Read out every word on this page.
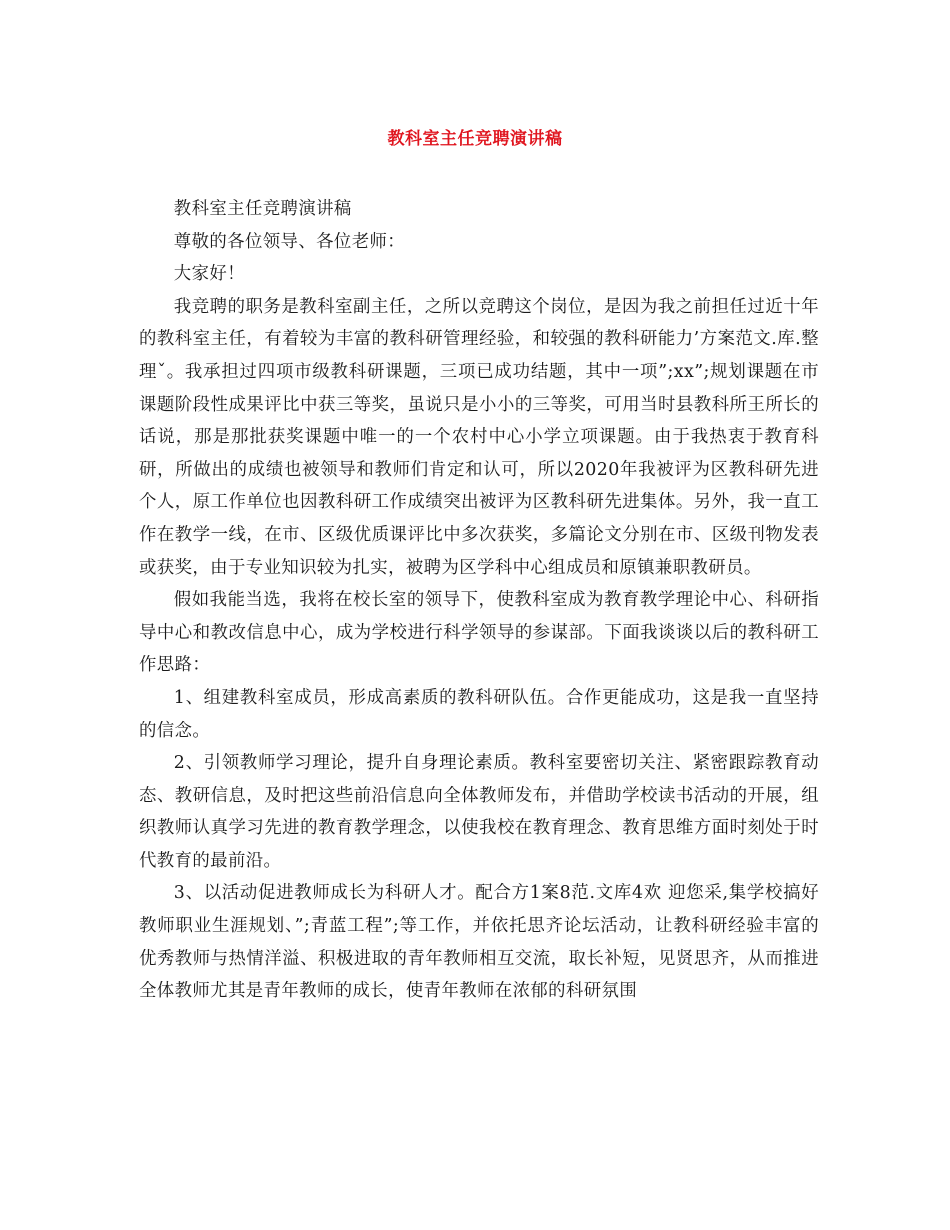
教科室主任竞聘演讲稿

教科室主任竞聘演讲稿

尊敬的各位领导、各位老师：

大家好！

我竞聘的职务是教科室副主任，之所以竞聘这个岗位，是因为我之前担任过近十年的教科室主任，有着较为丰富的教科研管理经验，和较强的教科研能力’方案范文.库.整理ˇ。我承担过四项市级教科研课题，三项已成功结题，其中一项”;xx”;规划课题在市课题阶段性成果评比中获三等奖，虽说只是小小的三等奖，可用当时县教科所王所长的话说，那是那批获奖课题中唯一的一个农村中心小学立项课题。由于我热衷于教育科研，所做出的成绩也被领导和教师们肯定和认可，所以2020年我被评为区教科研先进个人，原工作单位也因教科研工作成绩突出被评为区教科研先进集体。另外，我一直工作在教学一线，在市、区级优质课评比中多次获奖，多篇论文分别在市、区级刊物发表或获奖，由于专业知识较为扎实，被聘为区学科中心组成员和原镇兼职教研员。

假如我能当选，我将在校长室的领导下，使教科室成为教育教学理论中心、科研指导中心和教改信息中心，成为学校进行科学领导的参谋部。下面我谈谈以后的教科研工作思路：

1、组建教科室成员，形成高素质的教科研队伍。合作更能成功，这是我一直坚持的信念。

2、引领教师学习理论，提升自身理论素质。教科室要密切关注、紧密跟踪教育动态、教研信息，及时把这些前沿信息向全体教师发布，并借助学校读书活动的开展，组织教师认真学习先进的教育教学理念，以使我校在教育理念、教育思维方面时刻处于时代教育的最前沿。

3、以活动促进教师成长为科研人才。配合方1案8范.文库4欢 迎您采,集学校搞好教师职业生涯规划、”;青蓝工程”;等工作，并依托思齐论坛活动，让教科研经验丰富的优秀教师与热情洋溢、积极进取的青年教师相互交流，取长补短，见贤思齐，从而推进全体教师尤其是青年教师的成长，使青年教师在浓郁的科研氛围
